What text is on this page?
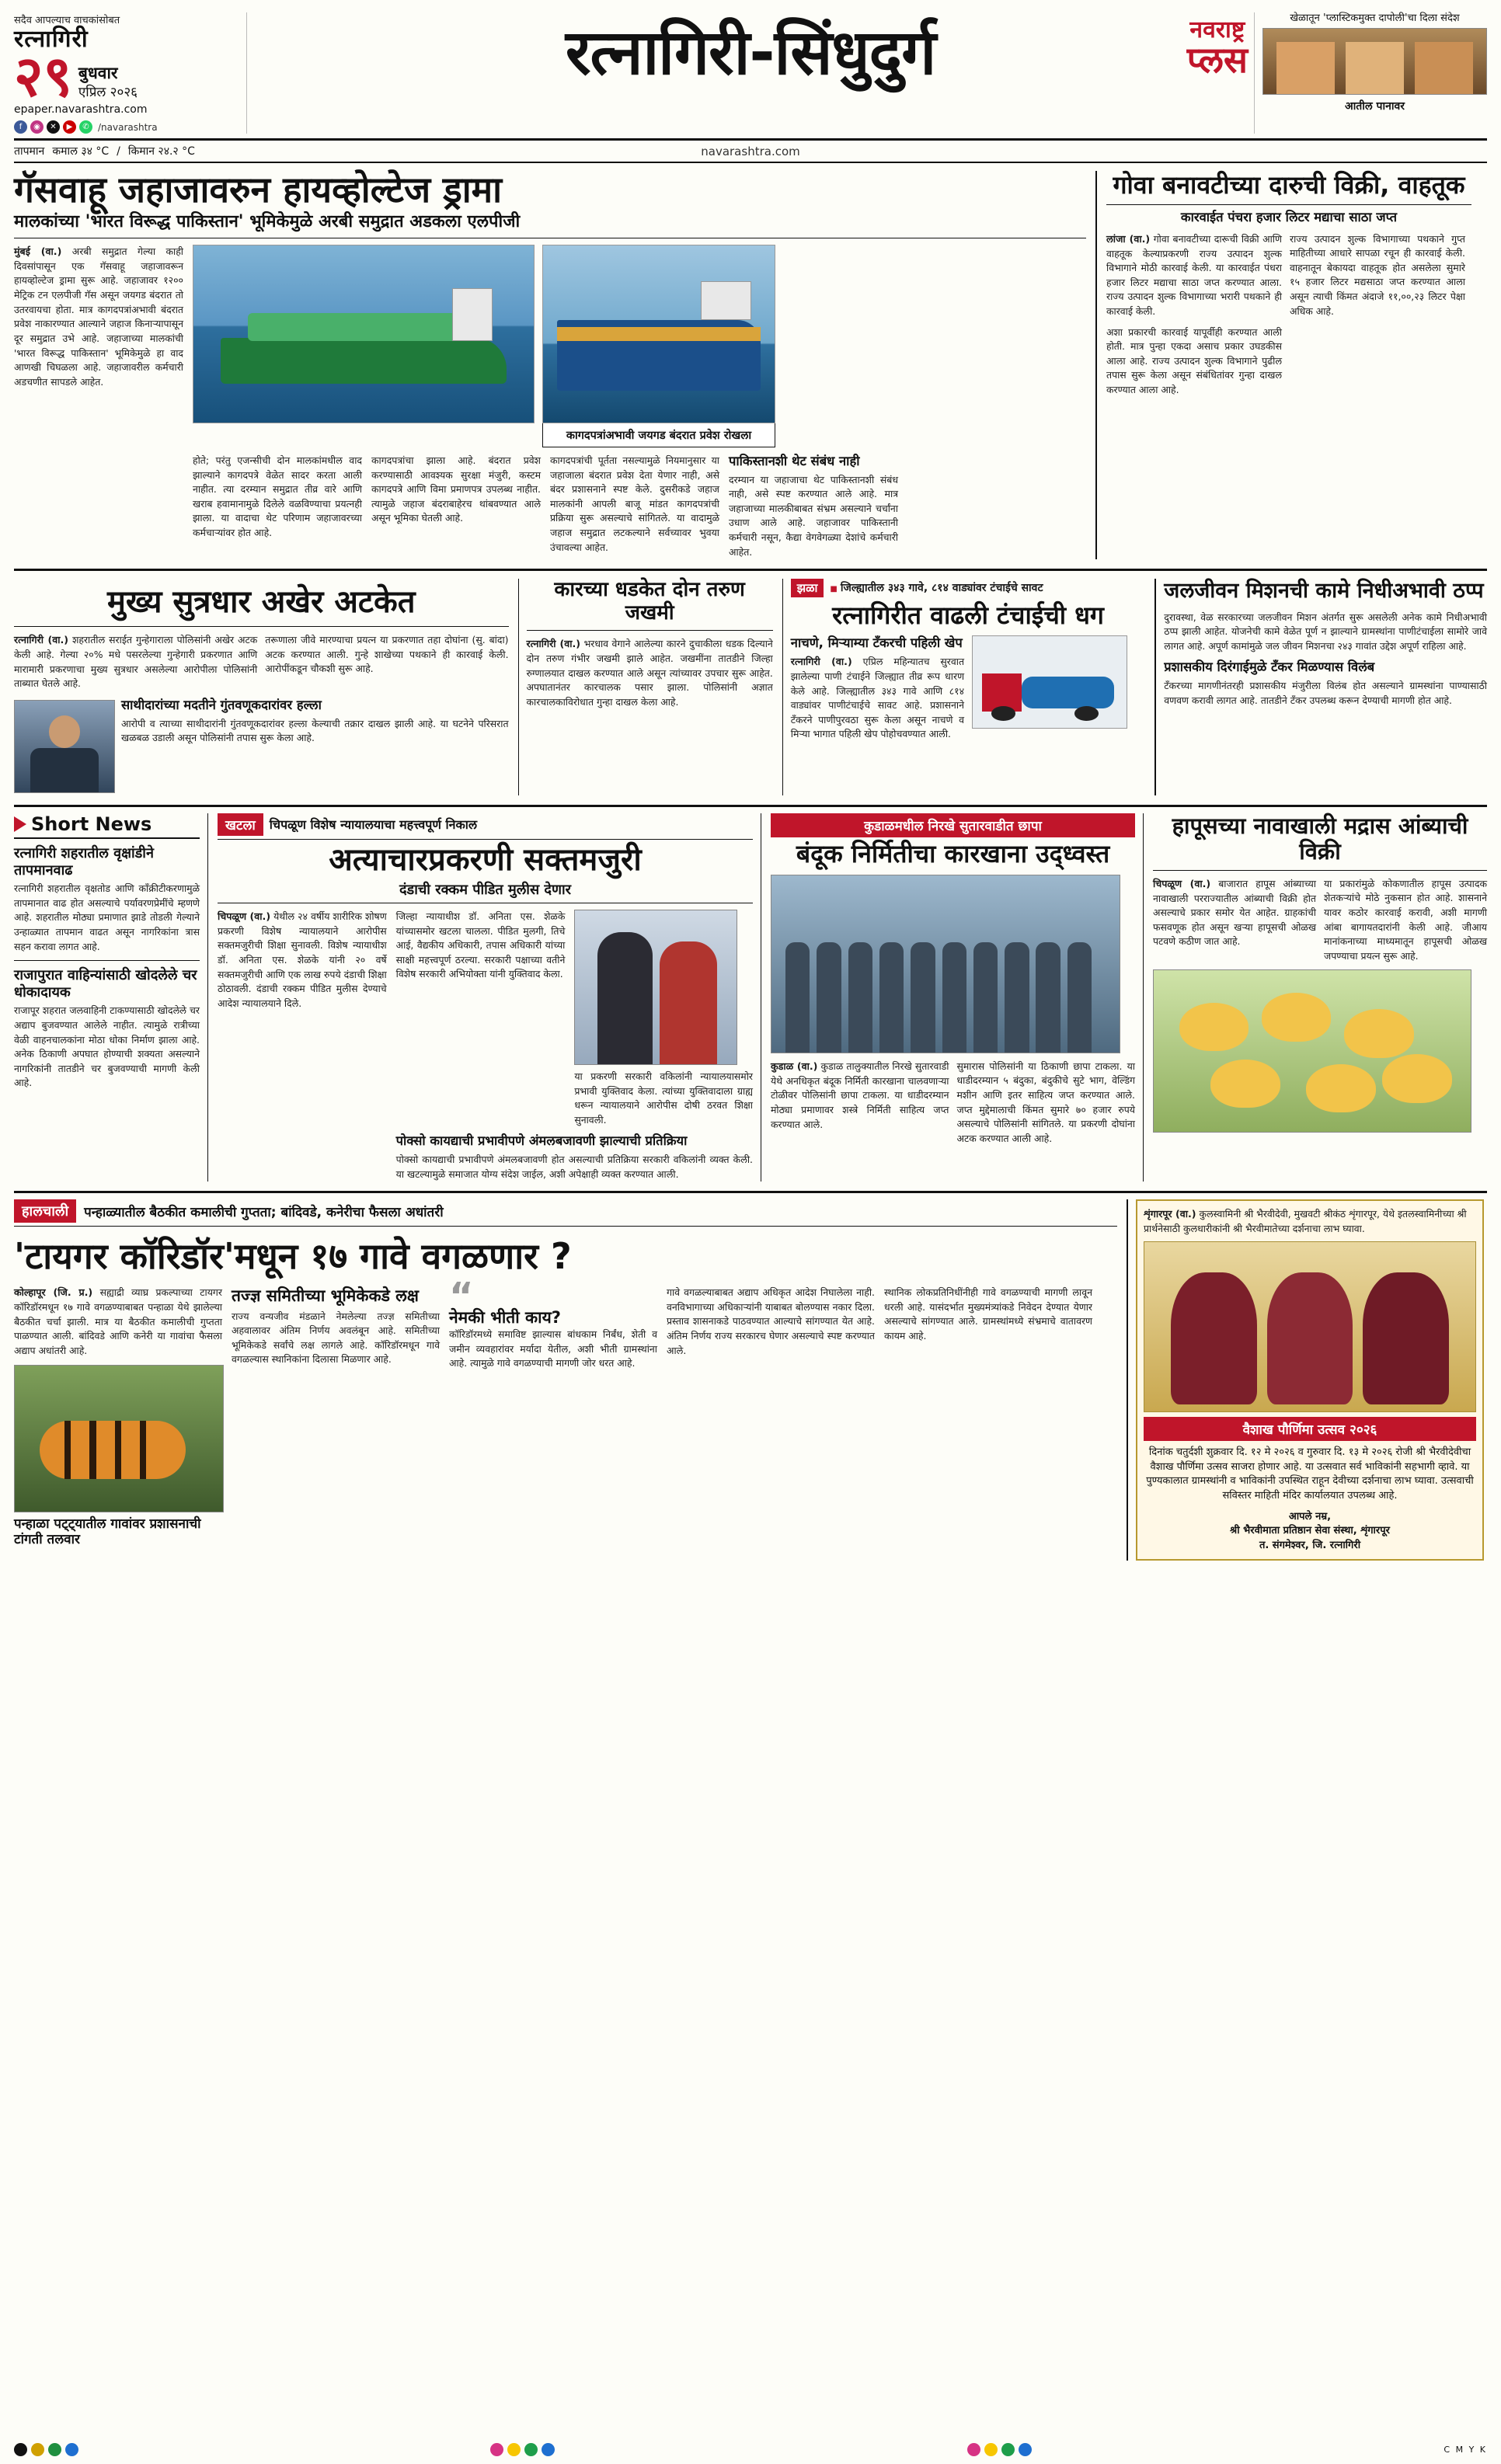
सदैव आपल्याच वाचकांसोबत
रत्नागिरी
२९ बुधवार
एप्रिल २०२६
epaper.navarashtra.com
f	◉	✕	▶	✆ /navarashtra
रत्नागिरी-सिंधुदुर्ग	नवराष्ट्र
प्लस
खेळातून 'प्लास्टिकमुक्त दापोली'चा दिला संदेश
आतील पानावर
तापमान कमाल ३४ °C / किमान २४.२ °C	navarashtra.com
गॅसवाहू जहाजावरुन हायव्होल्टेज ड्रामा
मालकांच्या 'भारत विरूद्ध पाकिस्तान' भूमिकेमुळे अरबी समुद्रात अडकला एलपीजी
मुंबई (वा.) अरबी समुद्रात गेल्या काही दिवसांपासून एक गॅसवाहू जहाजावरून हायव्होल्टेज ड्रामा सुरू आहे. जहाजावर १२०० मेट्रिक टन एलपीजी गॅस असून जयगड बंदरात तो उतरवायचा होता. मात्र कागदपत्रांअभावी बंदरात प्रवेश नाकारण्यात आल्याने जहाज किनाऱ्यापासून दूर समुद्रात उभे आहे. जहाजाच्या मालकांची 'भारत विरूद्ध पाकिस्तान' भूमिकेमुळे हा वाद आणखी चिघळला आहे. जहाजावरील कर्मचारी अडचणीत सापडले आहेत.
कागदपत्रांअभावी जयगड बंदरात प्रवेश रोखला
होते; परंतु एजन्सीची दोन मालकांमधील वाद झाल्याने कागदपत्रे वेळेत सादर करता आली नाहीत. त्या दरम्यान समुद्रात तीव्र वारे आणि खराब हवामानामुळे दिलेले वळविण्याचा प्रयत्नही झाला. या वादाचा थेट परिणाम जहाजावरच्या कर्मचाऱ्यांवर होत आहे.
कागदपत्रांचा झाला आहे. बंदरात प्रवेश करण्यासाठी आवश्यक सुरक्षा मंजुरी, कस्टम कागदपत्रे आणि विमा प्रमाणपत्र उपलब्ध नाहीत. त्यामुळे जहाज बंदराबाहेरच थांबवण्यात आले असून भूमिका घेतली आहे.
कागदपत्रांची पूर्तता नसल्यामुळे नियमानुसार या जहाजाला बंदरात प्रवेश देता येणार नाही, असे बंदर प्रशासनाने स्पष्ट केले. दुसरीकडे जहाज मालकांनी आपली बाजू मांडत कागदपत्रांची प्रक्रिया सुरू असल्याचे सांगितले. या वादामुळे जहाज समुद्रात लटकल्याने सर्वच्यावर भुवया उंचावल्या आहेत.
पाकिस्तानशी थेट संबंध नाही
दरम्यान या जहाजाचा थेट पाकिस्तानशी संबंध नाही, असे स्पष्ट करण्यात आले आहे. मात्र जहाजाच्या मालकीबाबत संभ्रम असल्याने चर्चांना उधाण आले आहे. जहाजावर पाकिस्तानी कर्मचारी नसून, कैद्या वेगवेगळ्या देशांचे कर्मचारी आहेत.
गोवा बनावटीच्या दारुची विक्री, वाहतूक
कारवाईत पंचरा हजार लिटर मद्याचा साठा जप्त
लांजा (वा.) गोवा बनावटीच्या दारूची विक्री आणि वाहतूक केल्याप्रकरणी राज्य उत्पादन शुल्क विभागाने मोठी कारवाई केली. या कारवाईत पंधरा हजार लिटर मद्याचा साठा जप्त करण्यात आला. राज्य उत्पादन शुल्क विभागाच्या भरारी पथकाने ही कारवाई केली.
अशा प्रकारची कारवाई यापूर्वीही करण्यात आली होती. मात्र पुन्हा एकदा असाच प्रकार उघडकीस आला आहे. राज्य उत्पादन शुल्क विभागाने पुढील तपास सुरू केला असून संबंधितांवर गुन्हा दाखल करण्यात आला आहे.
राज्य उत्पादन शुल्क विभागाच्या पथकाने गुप्त माहितीच्या आधारे सापळा रचून ही कारवाई केली. वाहनातून बेकायदा वाहतूक होत असलेला सुमारे १५ हजार लिटर मद्यसाठा जप्त करण्यात आला असून त्याची किंमत अंदाजे ११,००,२३ लिटर पेक्षा अधिक आहे.
मुख्य सुत्रधार अखेर अटकेत
रत्नागिरी (वा.) शहरातील सराईत गुन्हेगाराला पोलिसांनी अखेर अटक केली आहे. गेल्या २०% मधे पसरलेल्या गुन्हेगारी प्रकरणात आणि मारामारी प्रकरणाचा मुख्य सुत्रधार असलेल्या आरोपीला पोलिसांनी ताब्यात घेतले आहे.
तरूणाला जीवे मारण्याचा प्रयत्न या प्रकरणात तहा दोघांना (सु. बांदा) अटक करण्यात आली. गुन्हे शाखेच्या पथकाने ही कारवाई केली. आरोपींकडून चौकशी सुरू आहे.
साथीदारांच्या मदतीने गुंतवणूकदारांवर हल्ला
आरोपी व त्याच्या साथीदारांनी गुंतवणूकदारांवर हल्ला केल्याची तक्रार दाखल झाली आहे. या घटनेने परिसरात खळबळ उडाली असून पोलिसांनी तपास सुरू केला आहे.
कारच्या धडकेत दोन तरुण जखमी
रत्नागिरी (वा.) भरधाव वेगाने आलेल्या कारने दुचाकीला धडक दिल्याने दोन तरुण गंभीर जखमी झाले आहेत. जखमींना तातडीने जिल्हा रुग्णालयात दाखल करण्यात आले असून त्यांच्यावर उपचार सुरू आहेत. अपघातानंतर कारचालक पसार झाला. पोलिसांनी अज्ञात कारचालकाविरोधात गुन्हा दाखल केला आहे.
झळा	■ जिल्ह्यातील ३४३ गावे, ८१४ वाड्यांवर टंचाईचे सावट
रत्नागिरीत वाढली टंचाईची धग
नाचणे, मिर्‍याम्या टँकरची पहिली खेप
रत्नागिरी (वा.) एप्रिल महिन्यातच सुरवात झालेल्या पाणी टंचाईने जिल्ह्यात तीव्र रूप धारण केले आहे. जिल्ह्यातील ३४३ गावे आणि ८१४ वाड्यांवर पाणीटंचाईचे सावट आहे. प्रशासनाने टँकरने पाणीपुरवठा सुरू केला असून नाचणे व मिर्‍या भागात पहिली खेप पोहोचवण्यात आली.
जलजीवन मिशनची कामे निधीअभावी ठप्प
दुरावस्था, वेळ सरकारच्या जलजीवन मिशन अंतर्गत सुरू असलेली अनेक कामे निधीअभावी ठप्प झाली आहेत. योजनेची कामे वेळेत पूर्ण न झाल्याने ग्रामस्थांना पाणीटंचाईला सामोरे जावे लागत आहे. अपूर्ण कामांमुळे जल जीवन मिशनचा २४३ गावांत उद्देश अपूर्ण राहिला आहे.
प्रशासकीय दिरंगाईमुळे टँकर मिळण्यास विलंब
टँकरच्या मागणीनंतरही प्रशासकीय मंजुरीला विलंब होत असल्याने ग्रामस्थांना पाण्यासाठी वणवण करावी लागत आहे. तातडीने टँकर उपलब्ध करून देण्याची मागणी होत आहे.
Short News
रत्नागिरी शहरातील वृक्षांडीने तापमानवाढ
रत्नागिरी शहरातील वृक्षतोड आणि काँक्रीटीकरणामुळे तापमानात वाढ होत असल्याचे पर्यावरणप्रेमींचे म्हणणे आहे. शहरातील मोठ्या प्रमाणात झाडे तोडली गेल्याने उन्हाळ्यात तापमान वाढत असून नागरिकांना त्रास सहन करावा लागत आहे.
राजापुरात वाहिन्यांसाठी खोदलेले चर धोकादायक
राजापूर शहरात जलवाहिनी टाकण्यासाठी खोदलेले चर अद्याप बुजवण्यात आलेले नाहीत. त्यामुळे रात्रीच्या वेळी वाहनचालकांना मोठा धोका निर्माण झाला आहे. अनेक ठिकाणी अपघात होण्याची शक्यता असल्याने नागरिकांनी तातडीने चर बुजवण्याची मागणी केली आहे.
खटला	चिपळूण विशेष न्यायालयाचा महत्त्वपूर्ण निकाल
अत्याचारप्रकरणी सक्तमजुरी
दंडाची रक्कम पीडित मुलीस देणार
चिपळूण (वा.) येथील २४ वर्षीय शारीरिक शोषण प्रकरणी विशेष न्यायालयाने आरोपीस सक्तमजुरीची शिक्षा सुनावली. विशेष न्यायाधीश डॉ. अनिता एस. शेळके यांनी २० वर्षे सक्तमजुरीची आणि एक लाख रुपये दंडाची शिक्षा ठोठावली. दंडाची रक्कम पीडित मुलीस देण्याचे आदेश न्यायालयाने दिले.
जिल्हा न्यायाधीश डॉ. अनिता एस. शेळके यांच्यासमोर खटला चालला. पीडित मुलगी, तिचे आई, वैद्यकीय अधिकारी, तपास अधिकारी यांच्या साक्षी महत्त्वपूर्ण ठरल्या. सरकारी पक्षाच्या वतीने विशेष सरकारी अभियोक्ता यांनी युक्तिवाद केला.
या प्रकरणी सरकारी वकिलांनी न्यायालयासमोर प्रभावी युक्तिवाद केला. त्यांच्या युक्तिवादाला ग्राह्य धरून न्यायालयाने आरोपीस दोषी ठरवत शिक्षा सुनावली.
पोक्सो कायद्याची प्रभावीपणे अंमलबजावणी झाल्याची प्रतिक्रिया
पोक्सो कायद्याची प्रभावीपणे अंमलबजावणी होत असल्याची प्रतिक्रिया सरकारी वकिलांनी व्यक्त केली. या खटल्यामुळे समाजात योग्य संदेश जाईल, अशी अपेक्षाही व्यक्त करण्यात आली.
कुडाळमधील निरखे सुतारवाडीत छापा
बंदूक निर्मितीचा कारखाना उद्ध्वस्त
कुडाळ (वा.) कुडाळ तालुक्यातील निरखे सुतारवाडी येथे अनधिकृत बंदूक निर्मिती कारखाना चालवणाऱ्या टोळीवर पोलिसांनी छापा टाकला. या धाडीदरम्यान मोठ्या प्रमाणावर शस्त्रे निर्मिती साहित्य जप्त करण्यात आले.
सुमारास पोलिसांनी या ठिकाणी छापा टाकला. या धाडीदरम्यान ५ बंदुका, बंदुकीचे सुटे भाग, वेल्डिंग मशीन आणि इतर साहित्य जप्त करण्यात आले. जप्त मुद्देमालाची किंमत सुमारे ७० हजार रुपये असल्याचे पोलिसांनी सांगितले. या प्रकरणी दोघांना अटक करण्यात आली आहे.
हापूसच्या नावाखाली मद्रास आंब्याची विक्री
चिपळूण (वा.) बाजारात हापूस आंब्याच्या नावाखाली परराज्यातील आंब्याची विक्री होत असल्याचे प्रकार समोर येत आहेत. ग्राहकांची फसवणूक होत असून खऱ्या हापूसची ओळख पटवणे कठीण जात आहे.
या प्रकारांमुळे कोकणातील हापूस उत्पादक शेतकऱ्यांचे मोठे नुकसान होत आहे. शासनाने यावर कठोर कारवाई करावी, अशी मागणी आंबा बागायतदारांनी केली आहे. जीआय मानांकनाच्या माध्यमातून हापूसची ओळख जपण्याचा प्रयत्न सुरू आहे.
हालचाली	पन्हाळ्यातील बैठकीत कमालीची गुप्तता; बांदिवडे, कनेरीचा फैसला अधांतरी
'टायगर कॉरिडॉर'मधून १७ गावे वगळणार ?
कोल्हापूर (जि. प्र.) सह्याद्री व्याघ्र प्रकल्पाच्या टायगर कॉरिडॉरमधून १७ गावे वगळण्याबाबत पन्हाळा येथे झालेल्या बैठकीत चर्चा झाली. मात्र या बैठकीत कमालीची गुप्तता पाळण्यात आली. बांदिवडे आणि कनेरी या गावांचा फैसला अद्याप अधांतरी आहे.
पन्हाळा पट्ट्यातील गावांवर प्रशासनाची टांगती तलवार
तज्ज्ञ समितीच्या भूमिकेकडे लक्ष
राज्य वन्यजीव मंडळाने नेमलेल्या तज्ज्ञ समितीच्या अहवालावर अंतिम निर्णय अवलंबून आहे. समितीच्या भूमिकेकडे सर्वांचे लक्ष लागले आहे. कॉरिडॉरमधून गावे वगळल्यास स्थानिकांना दिलासा मिळणार आहे.
“
नेमकी भीती काय?
कॉरिडॉरमध्ये समाविष्ट झाल्यास बांधकाम निर्बंध, शेती व जमीन व्यवहारांवर मर्यादा येतील, अशी भीती ग्रामस्थांना आहे. त्यामुळे गावे वगळण्याची मागणी जोर धरत आहे.
गावे वगळल्याबाबत अद्याप अधिकृत आदेश निघालेला नाही. वनविभागाच्या अधिकाऱ्यांनी याबाबत बोलण्यास नकार दिला. प्रस्ताव शासनाकडे पाठवण्यात आल्याचे सांगण्यात येत आहे. अंतिम निर्णय राज्य सरकारच घेणार असल्याचे स्पष्ट करण्यात आले.
स्थानिक लोकप्रतिनिधींनीही गावे वगळण्याची मागणी लावून धरली आहे. यासंदर्भात मुख्यमंत्र्यांकडे निवेदन देण्यात येणार असल्याचे सांगण्यात आले. ग्रामस्थांमध्ये संभ्रमाचे वातावरण कायम आहे.
शृंगारपूर (वा.) कुलस्वामिनी श्री भैरवीदेवी, मुखवटी श्रीकंठ शृंगारपूर, येथे इतलस्वामिनीच्या श्री प्रार्थनेसाठी कुलधारीकांनी श्री भैरवीमातेच्या दर्शनाचा लाभ घ्यावा.
वैशाख पौर्णिमा उत्सव २०२६
दिनांक चतुर्दशी शुक्रवार दि. १२ मे २०२६ व गुरुवार दि. १३ मे २०२६ रोजी श्री भैरवीदेवीचा वैशाख पौर्णिमा उत्सव साजरा होणार आहे. या उत्सवात सर्व भाविकांनी सहभागी व्हावे. या पुण्यकालात ग्रामस्थांनी व भाविकांनी उपस्थित राहून देवीच्या दर्शनाचा लाभ घ्यावा. उत्सवाची सविस्तर माहिती मंदिर कार्यालयात उपलब्ध आहे.
आपले नम्र,
श्री भैरवीमाता प्रतिष्ठान सेवा संस्था, शृंगारपूर
त. संगमेश्वर, जि. रत्नागिरी
C M Y K
